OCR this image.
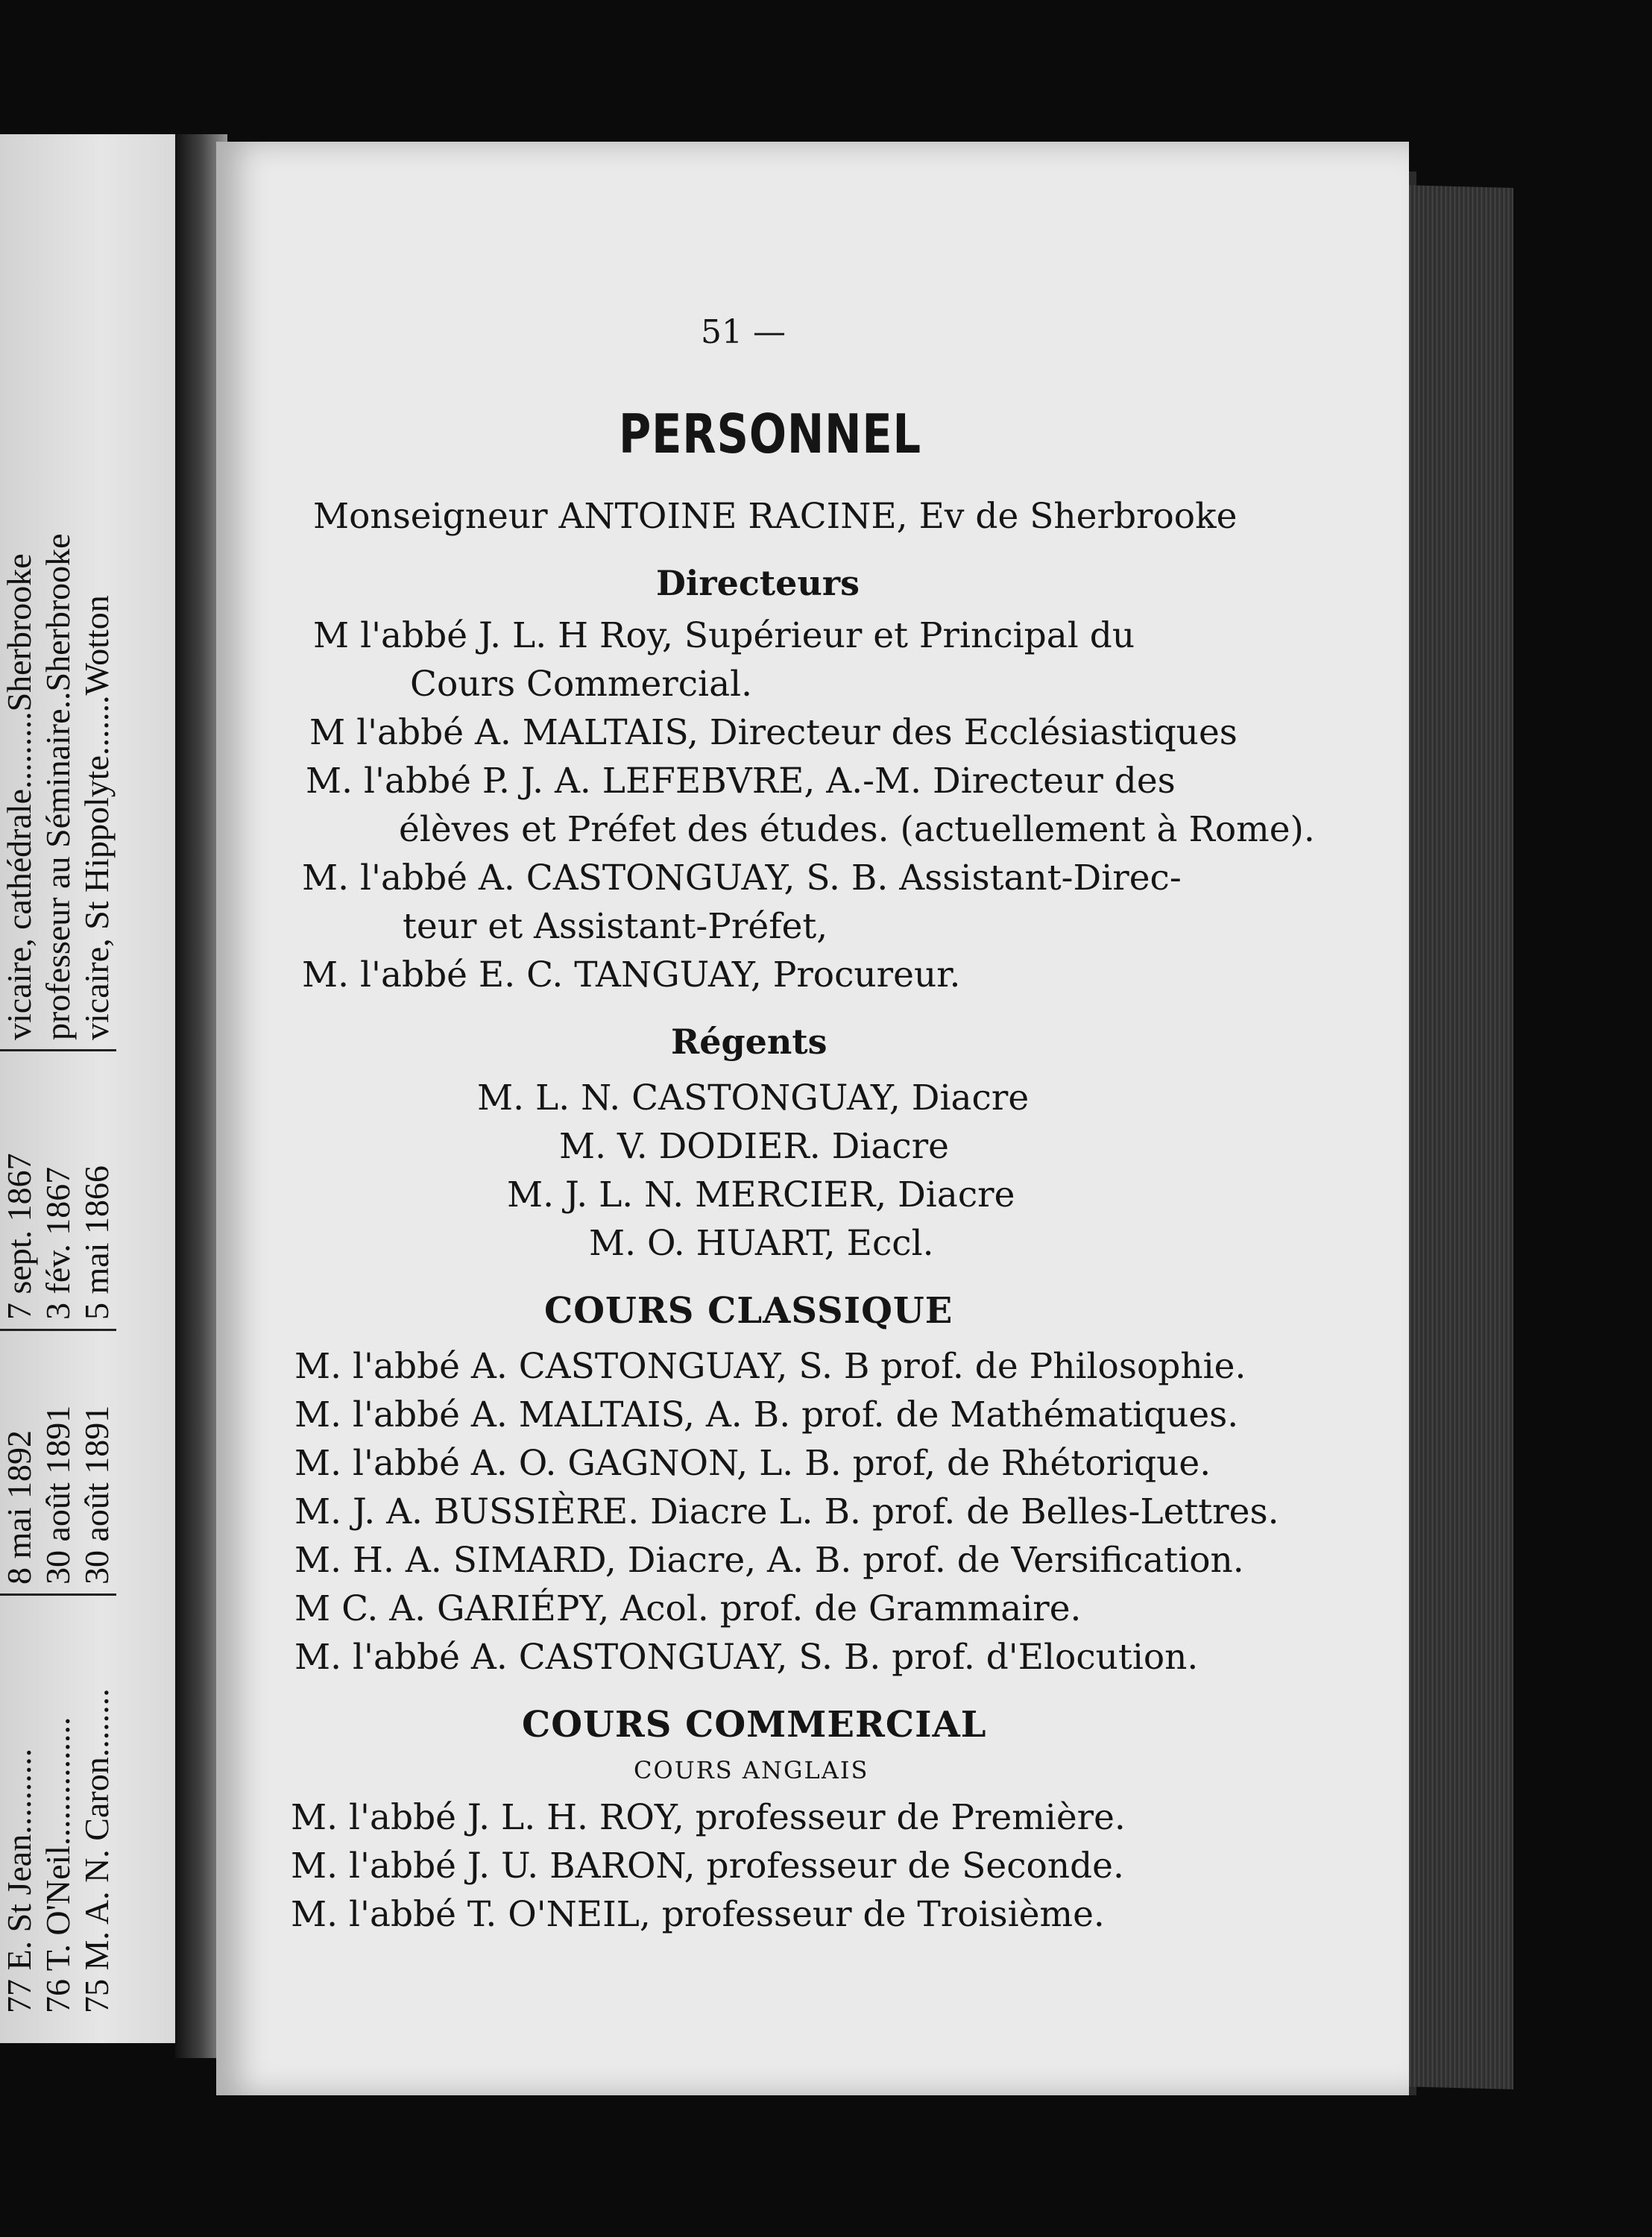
77 E. St Jean..........
8 mai 1892
7 sept. 1867
vicaire, cathédrale.........Sherbrooke
76 T. O'Neil...............
30 août 1891
3 fév. 1867
professeur au Séminaire..Sherbrooke
75 M. A. N. Caron........
30 août 1891
5 mai 1866
vicaire, St Hippolyte.......Wotton
51 —
PERSONNEL
Monseigneur ANTOINE RACINE, Ev de Sherbrooke
Directeurs
M l'abbé J. L. H Roy, Supérieur et Principal du
Cours Commercial.
M l'abbé A. MALTAIS, Directeur des Ecclésiastiques
M. l'abbé P. J. A. LEFEBVRE, A.-M. Directeur des
élèves et Préfet des études. (actuellement à Rome).
M. l'abbé A. CASTONGUAY, S. B. Assistant-Direc-
teur et Assistant-Préfet,
M. l'abbé E. C. TANGUAY, Procureur.
Régents
M. L. N. CASTONGUAY, Diacre
M. V. DODIER. Diacre
M. J. L. N. MERCIER, Diacre
M. O. HUART, Eccl.
COURS CLASSIQUE
M. l'abbé A. CASTONGUAY, S. B prof. de Philosophie.
M. l'abbé A. MALTAIS, A. B. prof. de Mathématiques.
M. l'abbé A. O. GAGNON, L. B. prof, de Rhétorique.
M. J. A. BUSSIÈRE. Diacre L. B. prof. de Belles-Lettres.
M. H. A. SIMARD, Diacre, A. B. prof. de Versification.
M C. A. GARIÉPY, Acol. prof. de Grammaire.
M. l'abbé A. CASTONGUAY, S. B. prof. d'Elocution.
COURS COMMERCIAL
COURS ANGLAIS
M. l'abbé J. L. H. ROY, professeur de Première.
M. l'abbé J. U. BARON, professeur de Seconde.
M. l'abbé T. O'NEIL, professeur de Troisième.
